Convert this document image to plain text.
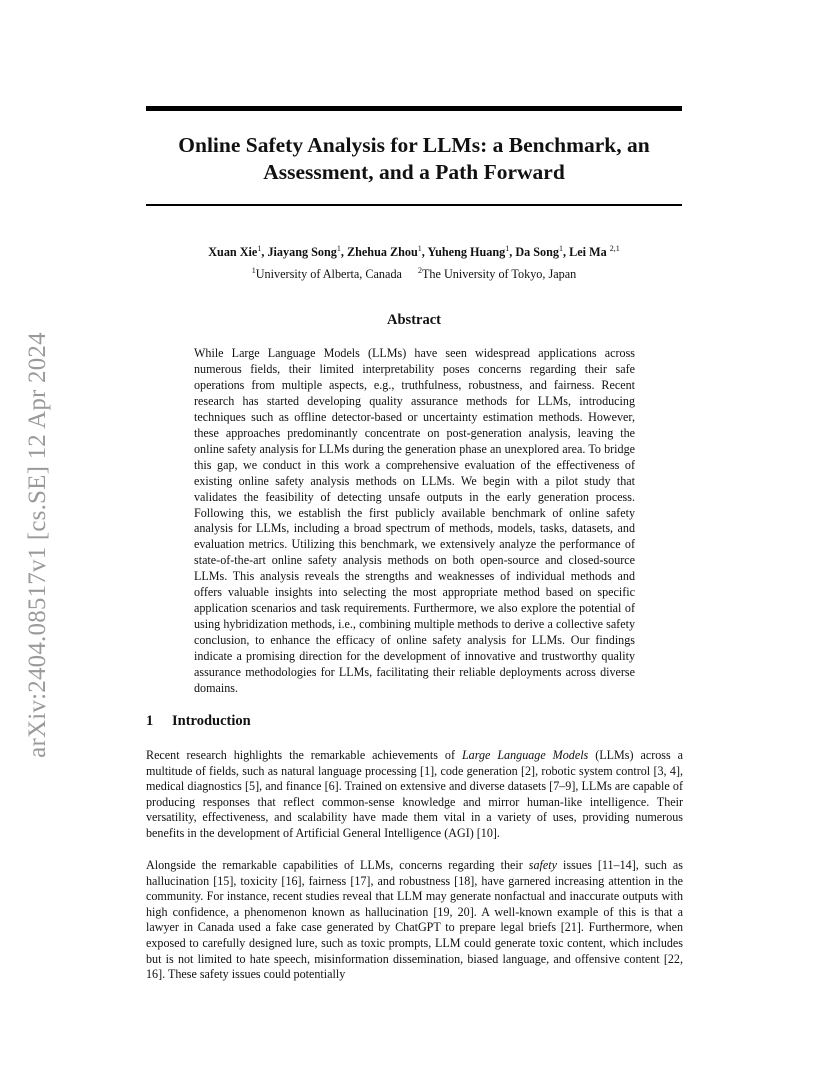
Online Safety Analysis for LLMs: a Benchmark, an
Assessment, and a Path Forward
Xuan Xie$^1$, Jiayang Song$^1$, Zhehua Zhou$^1$, Yuheng Huang$^1$, Da Song$^1$, Lei Ma $^{2,1}$
$^1$University of Alberta, Canada $^2$The University of Tokyo, Japan
arXiv:2404.08517v1 [cs.SE] 12 Apr 2024
Abstract

While Large Language Models (LLMs) have seen widespread applications across numerous fields, their limited interpretability poses concerns regarding their safe operations from multiple aspects, e.g., truthfulness, robustness, and fairness. Recent research has started developing quality assurance methods for LLMs, introducing techniques such as offline detector-based or uncertainty estimation methods. However, these approaches predominantly concentrate on post-generation analysis, leaving the online safety analysis for LLMs during the generation phase an unexplored area. To bridge this gap, we conduct in this work a comprehensive evaluation of the effectiveness of existing online safety analysis methods on LLMs. We begin with a pilot study that validates the feasibility of detecting unsafe outputs in the early generation process. Following this, we establish the first publicly available benchmark of online safety analysis for LLMs, including a broad spectrum of methods, models, tasks, datasets, and evaluation metrics. Utilizing this benchmark, we extensively analyze the performance of state-of-the-art online safety analysis methods on both open-source and closed-source LLMs. This analysis reveals the strengths and weaknesses of individual methods and offers valuable insights into selecting the most appropriate method based on specific application scenarios and task requirements. Furthermore, we also explore the potential of using hybridization methods, i.e., combining multiple methods to derive a collective safety conclusion, to enhance the efficacy of online safety analysis for LLMs. Our findings indicate a promising direction for the development of innovative and trustworthy quality assurance methodologies for LLMs, facilitating their reliable deployments across diverse domains.

1 Introduction

Recent research highlights the remarkable achievements of Large Language Models (LLMs) across a multitude of fields, such as natural language processing [1], code generation [2], robotic system control [3, 4], medical diagnostics [5], and finance [6]. Trained on extensive and diverse datasets [7–9], LLMs are capable of producing responses that reflect common-sense knowledge and mirror human-like intelligence. Their versatility, effectiveness, and scalability have made them vital in a variety of uses, providing numerous benefits in the development of Artificial General Intelligence (AGI) [10].

Alongside the remarkable capabilities of LLMs, concerns regarding their safety issues [11–14], such as hallucination [15], toxicity [16], fairness [17], and robustness [18], have garnered increasing attention in the community. For instance, recent studies reveal that LLM may generate nonfactual and inaccurate outputs with high confidence, a phenomenon known as hallucination [19, 20]. A well-known example of this is that a lawyer in Canada used a fake case generated by ChatGPT to prepare legal briefs [21]. Furthermore, when exposed to carefully designed lure, such as toxic prompts, LLM could generate toxic content, which includes but is not limited to hate speech, misinformation dissemination, biased language, and offensive content [22, 16]. These safety issues could potentially
